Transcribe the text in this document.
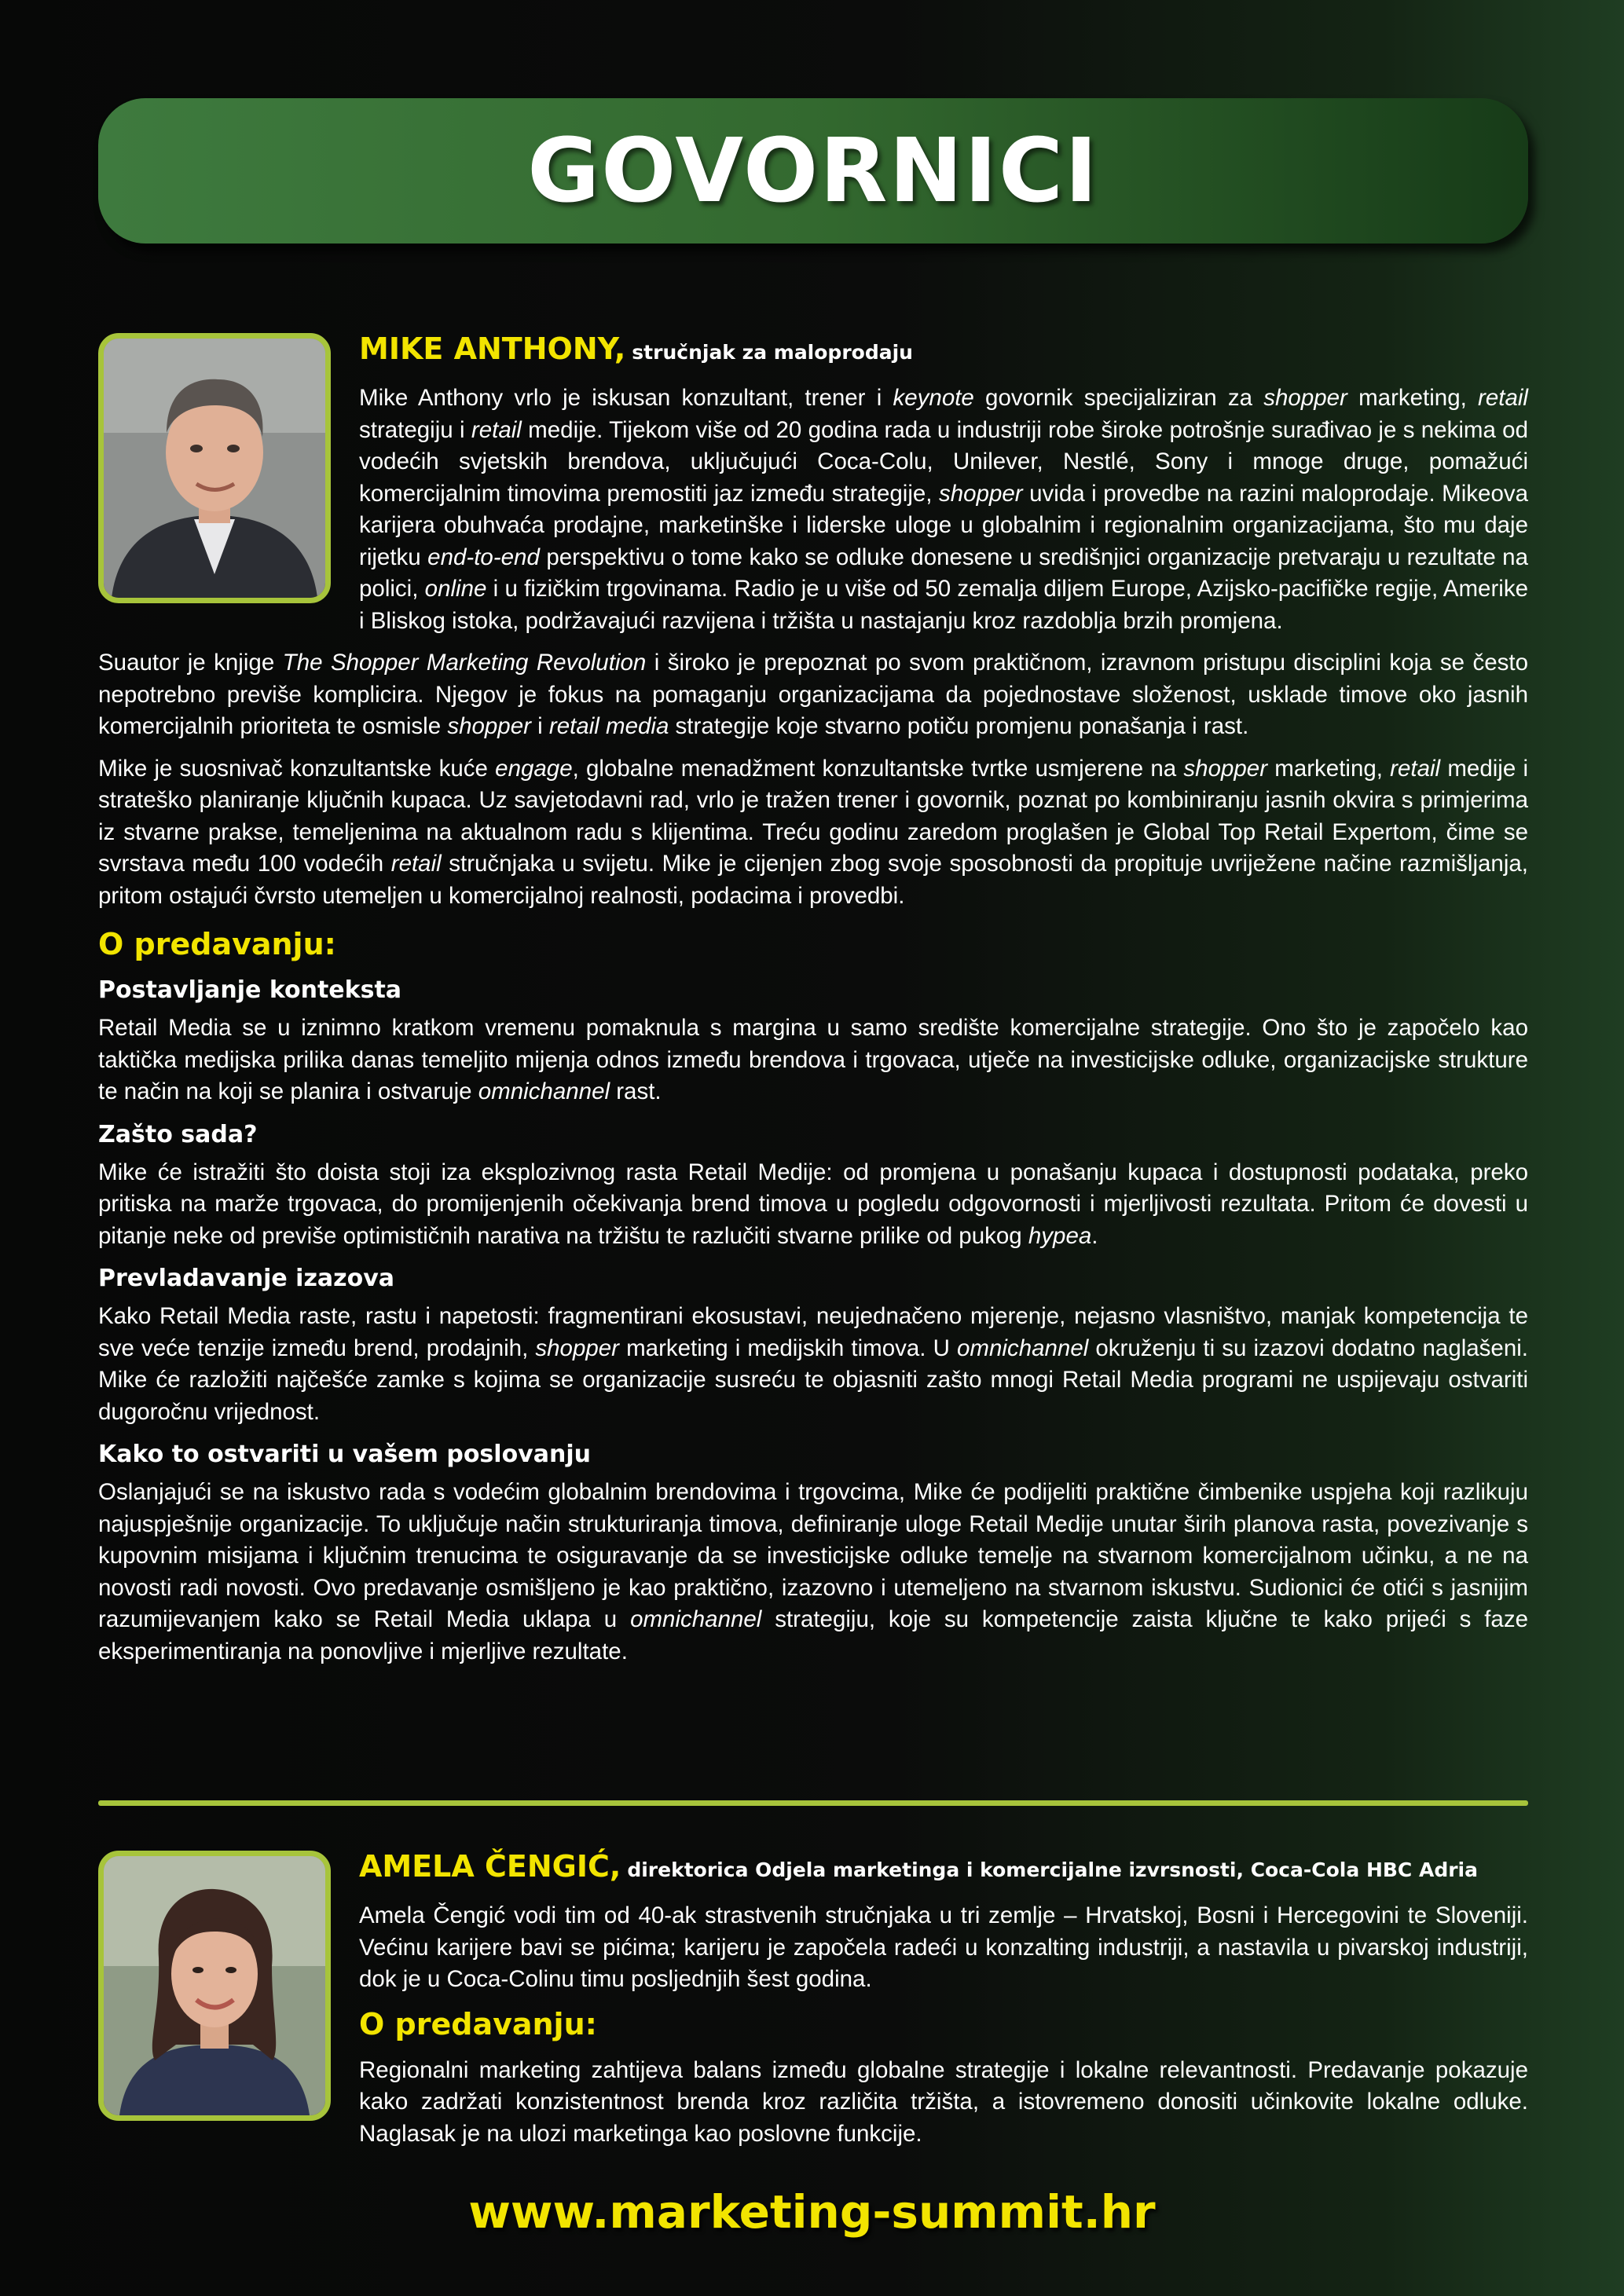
GOVORNICI
MIKE ANTHONY, stručnjak za maloprodaju

Mike Anthony vrlo je iskusan konzultant, trener i keynote govornik specijaliziran za shopper marketing, retail strategiju i retail medije. Tijekom više od 20 godina rada u industriji robe široke potrošnje surađivao je s nekima od vodećih svjetskih brendova, uključujući Coca-Colu, Unilever, Nestlé, Sony i mnoge druge, pomažući komercijalnim timovima premostiti jaz između strategije, shopper uvida i provedbe na razini maloprodaje. Mikeova karijera obuhvaća prodajne, marketinške i liderske uloge u globalnim i regionalnim organizacijama, što mu daje rijetku end-to-end perspektivu o tome kako se odluke donesene u središnjici organizacije pretvaraju u rezultate na polici, online i u fizičkim trgovinama. Radio je u više od 50 zemalja diljem Europe, Azijsko-pacifičke regije, Amerike i Bliskog istoka, podržavajući razvijena i tržišta u nastajanju kroz razdoblja brzih promjena.

Suautor je knjige The Shopper Marketing Revolution i široko je prepoznat po svom praktičnom, izravnom pristupu disciplini koja se često nepotrebno previše komplicira. Njegov je fokus na pomaganju organizacijama da pojednostave složenost, usklade timove oko jasnih komercijalnih prioriteta te osmisle shopper i retail media strategije koje stvarno potiču promjenu ponašanja i rast.

Mike je suosnivač konzultantske kuće engage, globalne menadžment konzultantske tvrtke usmjerene na shopper marketing, retail medije i strateško planiranje ključnih kupaca. Uz savjetodavni rad, vrlo je tražen trener i govornik, poznat po kombiniranju jasnih okvira s primjerima iz stvarne prakse, temeljenima na aktualnom radu s klijentima. Treću godinu zaredom proglašen je Global Top Retail Expertom, čime se svrstava među 100 vodećih retail stručnjaka u svijetu. Mike je cijenjen zbog svoje sposobnosti da propituje uvriježene načine razmišljanja, pritom ostajući čvrsto utemeljen u komercijalnoj realnosti, podacima i provedbi.

O predavanju:
Postavljanje konteksta

Retail Media se u iznimno kratkom vremenu pomaknula s margina u samo središte komercijalne strategije. Ono što je započelo kao taktička medijska prilika danas temeljito mijenja odnos između brendova i trgovaca, utječe na investicijske odluke, organizacijske strukture te način na koji se planira i ostvaruje omnichannel rast.

Zašto sada?

Mike će istražiti što doista stoji iza eksplozivnog rasta Retail Medije: od promjena u ponašanju kupaca i dostupnosti podataka, preko pritiska na marže trgovaca, do promijenjenih očekivanja brend timova u pogledu odgovornosti i mjerljivosti rezultata. Pritom će dovesti u pitanje neke od previše optimističnih narativa na tržištu te razlučiti stvarne prilike od pukog hypea.

Prevladavanje izazova

Kako Retail Media raste, rastu i napetosti: fragmentirani ekosustavi, neujednačeno mjerenje, nejasno vlasništvo, manjak kompetencija te sve veće tenzije između brend, prodajnih, shopper marketing i medijskih timova. U omnichannel okruženju ti su izazovi dodatno naglašeni. Mike će razložiti najčešće zamke s kojima se organizacije susreću te objasniti zašto mnogi Retail Media programi ne uspijevaju ostvariti dugoročnu vrijednost.

Kako to ostvariti u vašem poslovanju

Oslanjajući se na iskustvo rada s vodećim globalnim brendovima i trgovcima, Mike će podijeliti praktične čimbenike uspjeha koji razlikuju najuspješnije organizacije. To uključuje način strukturiranja timova, definiranje uloge Retail Medije unutar širih planova rasta, povezivanje s kupovnim misijama i ključnim trenucima te osiguravanje da se investicijske odluke temelje na stvarnom komercijalnom učinku, a ne na novosti radi novosti. Ovo predavanje osmišljeno je kao praktično, izazovno i utemeljeno na stvarnom iskustvu. Sudionici će otići s jasnijim razumijevanjem kako se Retail Media uklapa u omnichannel strategiju, koje su kompetencije zaista ključne te kako prijeći s faze eksperimentiranja na ponovljive i mjerljive rezultate.

AMELA ČENGIĆ, direktorica Odjela marketinga i komercijalne izvrsnosti, Coca-Cola HBC Adria

Amela Čengić vodi tim od 40-ak strastvenih stručnjaka u tri zemlje – Hrvatskoj, Bosni i Hercegovini te Sloveniji. Većinu karijere bavi se pićima; karijeru je započela radeći u konzalting industriji, a nastavila u pivarskoj industriji, dok je u Coca-Colinu timu posljednjih šest godina.

O predavanju:

Regionalni marketing zahtijeva balans između globalne strategije i lokalne relevantnosti. Predavanje pokazuje kako zadržati konzistentnost brenda kroz različita tržišta, a istovremeno donositi učinkovite lokalne odluke. Naglasak je na ulozi marketinga kao poslovne funkcije.

www.marketing-summit.hr
